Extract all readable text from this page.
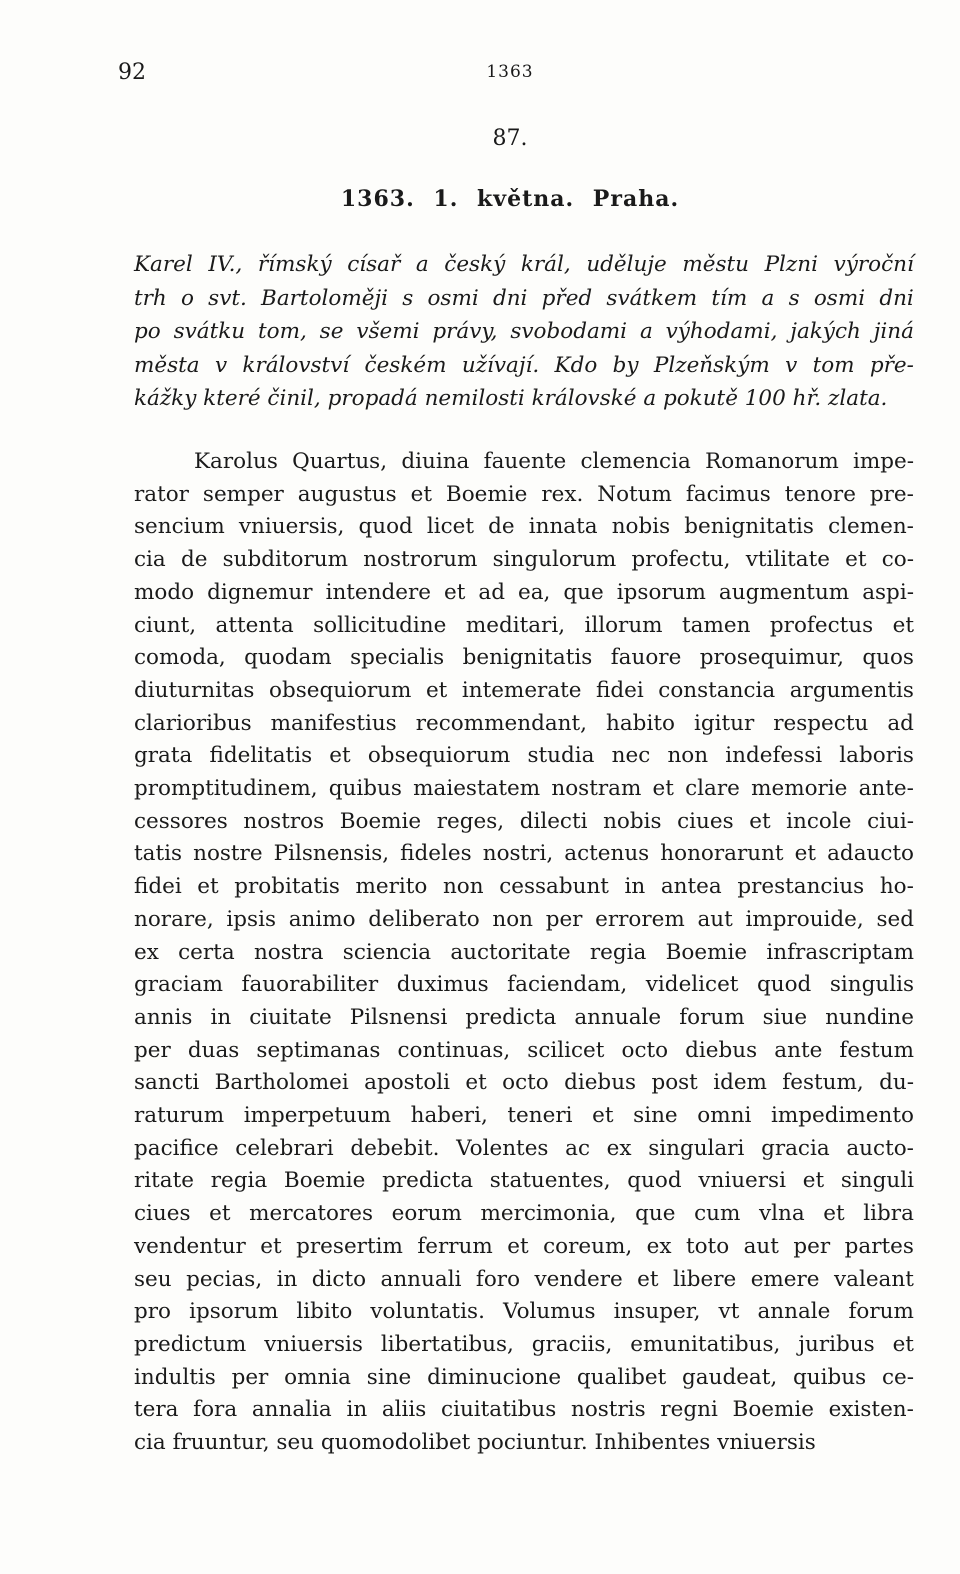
92	1363
87.
1363. 1. května. Praha.
Karel IV., římský císař a český král, uděluje městu Plzni výroční
trh o svt. Bartoloměji s osmi dni před svátkem tím a s osmi dni
po svátku tom, se všemi právy, svobodami a výhodami, jakých jiná
města v království českém užívají. Kdo by Plzeňským v tom pře-
kážky které činil, propadá nemilosti královské a pokutě 100 hř. zlata.
Karolus Quartus, diuina fauente clemencia Romanorum impe-
rator semper augustus et Boemie rex. Notum facimus tenore pre-
sencium vniuersis, quod licet de innata nobis benignitatis clemen-
cia de subditorum nostrorum singulorum profectu, vtilitate et co-
modo dignemur intendere et ad ea, que ipsorum augmentum aspi-
ciunt, attenta sollicitudine meditari, illorum tamen profectus et
comoda, quodam specialis benignitatis fauore prosequimur, quos
diuturnitas obsequiorum et intemerate fidei constancia argumentis
clarioribus manifestius recommendant, habito igitur respectu ad
grata fidelitatis et obsequiorum studia nec non indefessi laboris
promptitudinem, quibus maiestatem nostram et clare memorie ante-
cessores nostros Boemie reges, dilecti nobis ciues et incole ciui-
tatis nostre Pilsnensis, fideles nostri, actenus honorarunt et adaucto
fidei et probitatis merito non cessabunt in antea prestancius ho-
norare, ipsis animo deliberato non per errorem aut improuide, sed
ex certa nostra sciencia auctoritate regia Boemie infrascriptam
graciam fauorabiliter duximus faciendam, videlicet quod singulis
annis in ciuitate Pilsnensi predicta annuale forum siue nundine
per duas septimanas continuas, scilicet octo diebus ante festum
sancti Bartholomei apostoli et octo diebus post idem festum, du-
raturum imperpetuum haberi, teneri et sine omni impedimento
pacifice celebrari debebit. Volentes ac ex singulari gracia aucto-
ritate regia Boemie predicta statuentes, quod vniuersi et singuli
ciues et mercatores eorum mercimonia, que cum vlna et libra
vendentur et presertim ferrum et coreum, ex toto aut per partes
seu pecias, in dicto annuali foro vendere et libere emere valeant
pro ipsorum libito voluntatis. Volumus insuper, vt annale forum
predictum vniuersis libertatibus, graciis, emunitatibus, juribus et
indultis per omnia sine diminucione qualibet gaudeat, quibus ce-
tera fora annalia in aliis ciuitatibus nostris regni Boemie existen-
cia fruuntur, seu quomodolibet pociuntur. Inhibentes vniuersis
